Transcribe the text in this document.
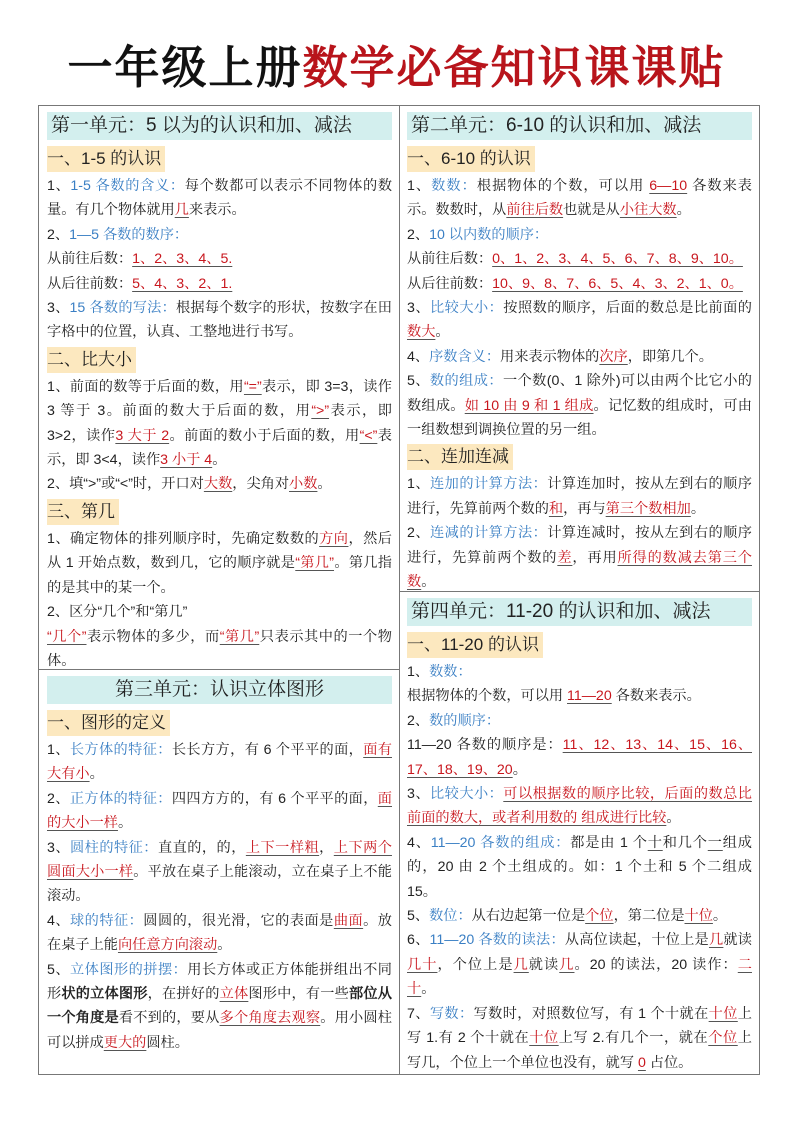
一年级上册数学必备知识课课贴
第一单元：5 以为的认识和加、减法
一、1-5 的认识

1、1-5 各数的含义：每个数都可以表示不同物体的数量。有几个物体就用几来表示。

2、1—5 各数的数序：

从前往后数：1、2、3、4、5.

从后往前数：5、4、3、2、1.

3、15 各数的写法：根据每个数字的形状，按数字在田字格中的位置，认真、工整地进行书写。

二、比大小

1、前面的数等于后面的数，用“=”表示，即 3=3，读作 3 等于 3。前面的数大于后面的数，用“>”表示，即 3>2，读作3 大于 2。前面的数小于后面的数，用“<”表示，即 3<4，读作3 小于 4。

2、填“>”或“<”时，开口对大数，尖角对小数。

三、第几

1、确定物体的排列顺序时，先确定数数的方向，然后从 1 开始点数，数到几，它的顺序就是“第几”。第几指的是其中的某一个。

2、区分“几个”和“第几”

“几个”表示物体的多少，而“第几”只表示其中的一个物体。

第三单元：认识立体图形
一、图形的定义

1、长方体的特征：长长方方，有 6 个平平的面，面有大有小。

2、正方体的特征：四四方方的，有 6 个平平的面，面的大小一样。

3、圆柱的特征：直直的，的，上下一样粗，上下两个圆面大小一样。平放在桌子上能滚动，立在桌子上不能滚动。

4、球的特征：圆圆的，很光滑，它的表面是曲面。放在桌子上能向任意方向滚动。

5、立体图形的拼摆：用长方体或正方体能拼组出不同形状的立体图形，在拼好的立体图形中，有一些部位从一个角度是看不到的，要从多个角度去观察。用小圆柱可以拼成更大的圆柱。

第二单元：6-10 的认识和加、减法
一、6-10 的认识

1、数数：根据物体的个数，可以用 6—10 各数来表示。数数时，从前往后数也就是从小往大数。

2、10 以内数的顺序：

从前往后数：0、1、2、3、4、5、6、7、8、9、10。

从后往前数：10、9、8、7、6、5、4、3、2、1、0。

3、比较大小：按照数的顺序，后面的数总是比前面的数大。

4、序数含义：用来表示物体的次序，即第几个。

5、数的组成：一个数(0、1 除外)可以由两个比它小的数组成。如 10 由 9 和 1 组成。记忆数的组成时，可由一组数想到调换位置的另一组。

二、连加连减

1、连加的计算方法：计算连加时，按从左到右的顺序进行，先算前两个数的和，再与第三个数相加。

2、连减的计算方法：计算连减时，按从左到右的顺序进行，先算前两个数的差，再用所得的数减去第三个数。

第四单元：11-20 的认识和加、减法
一、11-20 的认识

1、数数：

根据物体的个数，可以用 11—20 各数来表示。

2、数的顺序：

11—20 各数的顺序是：11、12、13、14、15、16、17、18、19、20。

3、比较大小：可以根据数的顺序比较，后面的数总比前面的数大，或者利用数的 组成进行比较。

4、11—20 各数的组成：都是由 1 个十和几个一组成的，20 由 2 个土组成的。如：1 个土和 5 个二组成 15。

5、数位：从右边起第一位是个位，第二位是十位。

6、11—20 各数的读法：从高位读起，十位上是几就读几十，个位上是几就读几。20 的读法，20 读作：二十。

7、写数：写数时，对照数位写，有 1 个十就在十位上写 1.有 2 个十就在十位上写 2.有几个一，就在个位上写几，个位上一个单位也没有，就写 0 占位。
